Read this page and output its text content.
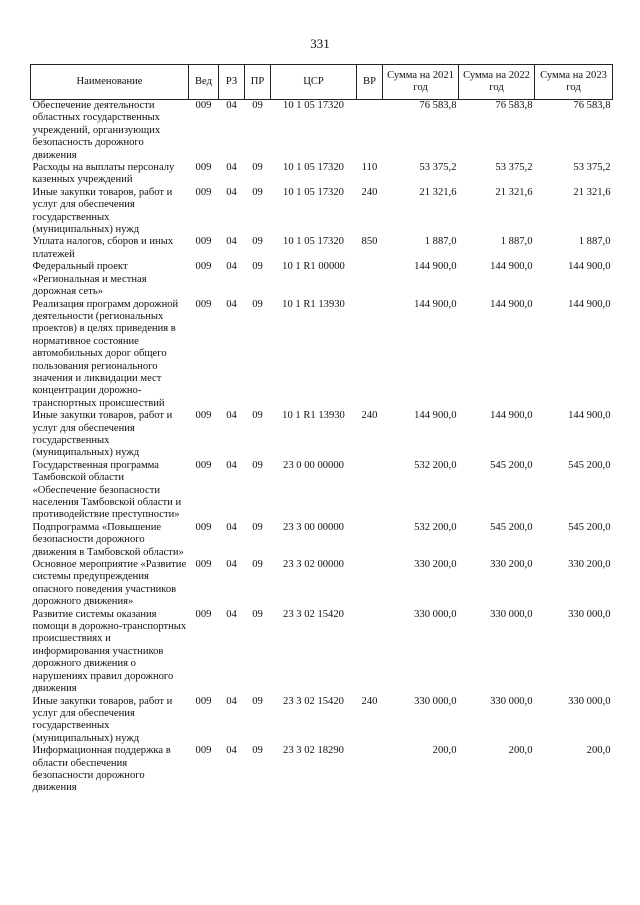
331
Наименование	Вед	РЗ	ПР	ЦСР	ВР	Сумма на 2021 год	Сумма на 2022 год	Сумма на 2023 год
Обеспечение деятельности областных государственных учреждений, организующих безопасность дорожного движения	009	04	09	10 1 05 17320		76 583,8	76 583,8	76 583,8
Расходы на выплаты персоналу казенных учреждений	009	04	09	10 1 05 17320	110	53 375,2	53 375,2	53 375,2
Иные закупки товаров, работ и услуг для обеспечения государственных (муниципальных) нужд	009	04	09	10 1 05 17320	240	21 321,6	21 321,6	21 321,6
Уплата налогов, сборов и иных платежей	009	04	09	10 1 05 17320	850	1 887,0	1 887,0	1 887,0
Федеральный проект «Региональная и местная дорожная сеть»	009	04	09	10 1 R1 00000		144 900,0	144 900,0	144 900,0
Реализация программ дорожной деятельности (региональных проектов) в целях приведения в нормативное состояние автомобильных дорог общего пользования регионального значения и ликвидации мест концентрации дорожно-транспортных происшествий	009	04	09	10 1 R1 13930		144 900,0	144 900,0	144 900,0
Иные закупки товаров, работ и услуг для обеспечения государственных (муниципальных) нужд	009	04	09	10 1 R1 13930	240	144 900,0	144 900,0	144 900,0
Государственная программа Тамбовской области «Обеспечение безопасности населения Тамбовской области и противодействие преступности»	009	04	09	23 0 00 00000		532 200,0	545 200,0	545 200,0
Подпрограмма «Повышение безопасности дорожного движения в Тамбовской области»	009	04	09	23 3 00 00000		532 200,0	545 200,0	545 200,0
Основное мероприятие «Развитие системы предупреждения опасного поведения участников дорожного движения»	009	04	09	23 3 02 00000		330 200,0	330 200,0	330 200,0
Развитие системы оказания помощи в дорожно-транспортных происшествиях и информирования участников дорожного движения о нарушениях правил дорожного движения	009	04	09	23 3 02 15420		330 000,0	330 000,0	330 000,0
Иные закупки товаров, работ и услуг для обеспечения государственных (муниципальных) нужд	009	04	09	23 3 02 15420	240	330 000,0	330 000,0	330 000,0
Информационная поддержка в области обеспечения безопасности дорожного движения	009	04	09	23 3 02 18290		200,0	200,0	200,0
